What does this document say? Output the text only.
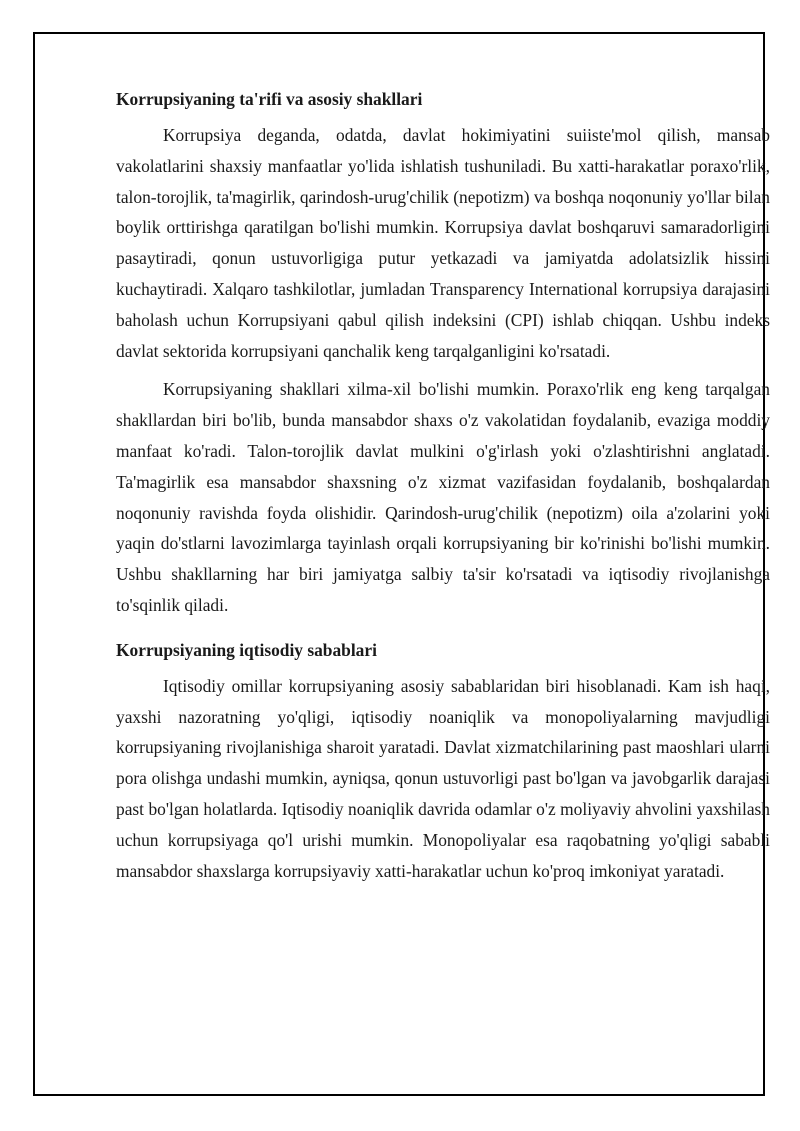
Korrupsiyaning ta'rifi va asosiy shakllari

Korrupsiya deganda, odatda, davlat hokimiyatini suiiste'mol qilish, mansab vakolatlarini shaxsiy manfaatlar yo'lida ishlatish tushuniladi. Bu xatti-harakatlar poraxo'rlik, talon-torojlik, ta'magirlik, qarindosh-urug'chilik (nepotizm) va boshqa noqonuniy yo'llar bilan boylik orttirishga qaratilgan bo'lishi mumkin. Korrupsiya davlat boshqaruvi samaradorligini pasaytiradi, qonun ustuvorligiga putur yetkazadi va jamiyatda adolatsizlik hissini kuchaytiradi. Xalqaro tashkilotlar, jumladan Transparency International korrupsiya darajasini baholash uchun Korrupsiyani qabul qilish indeksini (CPI) ishlab chiqqan. Ushbu indeks davlat sektorida korrupsiyani qanchalik keng tarqalganligini ko'rsatadi.

Korrupsiyaning shakllari xilma-xil bo'lishi mumkin. Poraxo'rlik eng keng tarqalgan shakllardan biri bo'lib, bunda mansabdor shaxs o'z vakolatidan foydalanib, evaziga moddiy manfaat ko'radi. Talon-torojlik davlat mulkini o'g'irlash yoki o'zlashtirishni anglatadi. Ta'magirlik esa mansabdor shaxsning o'z xizmat vazifasidan foydalanib, boshqalardan noqonuniy ravishda foyda olishidir. Qarindosh-urug'chilik (nepotizm) oila a'zolarini yoki yaqin do'stlarni lavozimlarga tayinlash orqali korrupsiyaning bir ko'rinishi bo'lishi mumkin. Ushbu shakllarning har biri jamiyatga salbiy ta'sir ko'rsatadi va iqtisodiy rivojlanishga to'sqinlik qiladi.

Korrupsiyaning iqtisodiy sabablari

Iqtisodiy omillar korrupsiyaning asosiy sabablaridan biri hisoblanadi. Kam ish haqi, yaxshi nazoratning yo'qligi, iqtisodiy noaniqlik va monopoliyalarning mavjudligi korrupsiyaning rivojlanishiga sharoit yaratadi. Davlat xizmatchilarining past maoshlari ularni pora olishga undashi mumkin, ayniqsa, qonun ustuvorligi past bo'lgan va javobgarlik darajasi past bo'lgan holatlarda. Iqtisodiy noaniqlik davrida odamlar o'z moliyaviy ahvolini yaxshilash uchun korrupsiyaga qo'l urishi mumkin. Monopoliyalar esa raqobatning yo'qligi sababli mansabdor shaxslarga korrupsiyaviy xatti-harakatlar uchun ko'proq imkoniyat yaratadi.
